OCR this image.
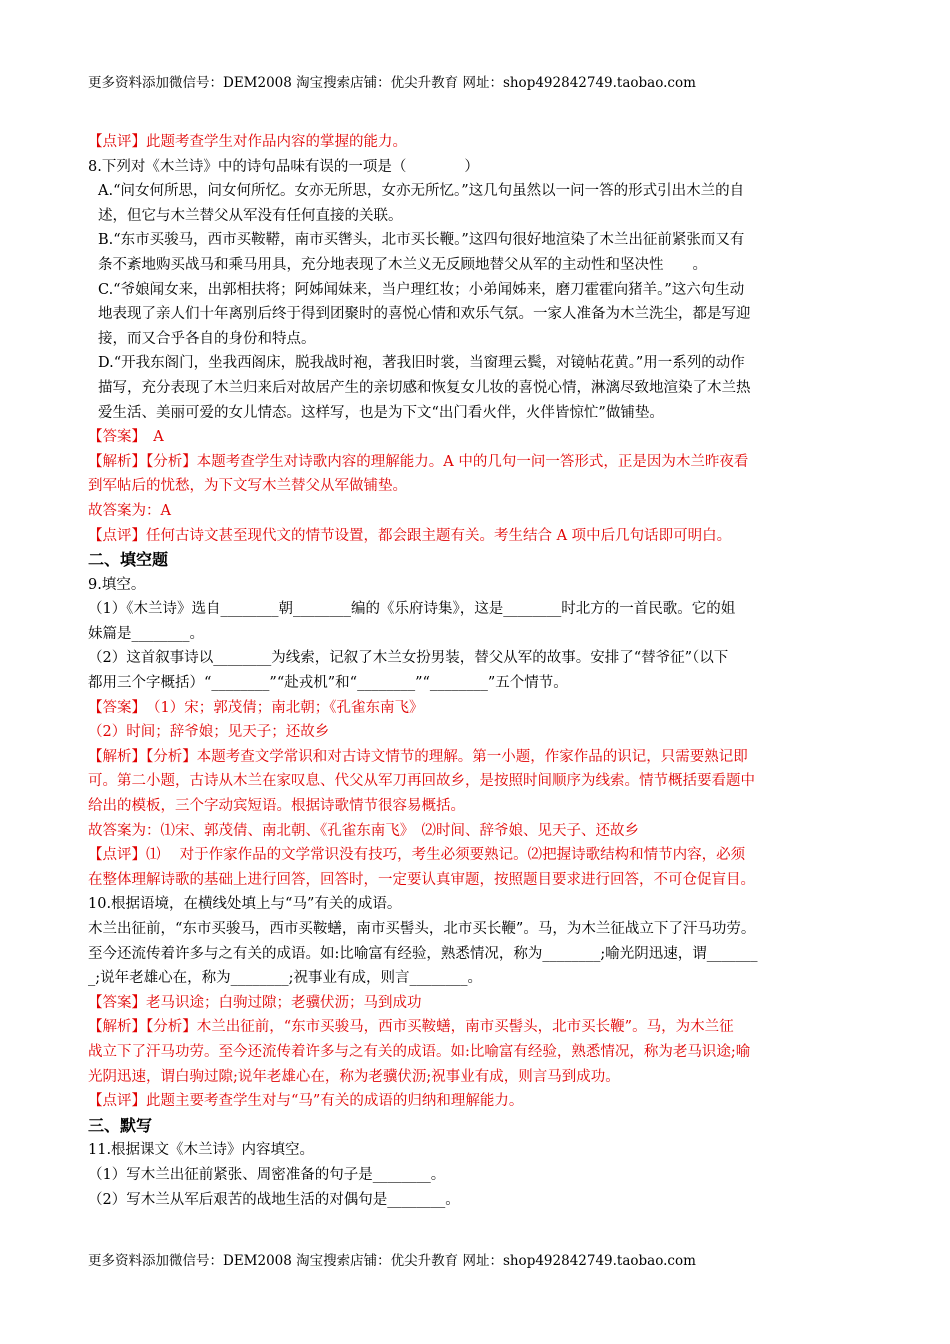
更多资料添加微信号：DEM2008 淘宝搜索店铺：优尖升教育 网址：shop492842749.taobao.com
【点评】此题考查学生对作品内容的掌握的能力。
8.下列对《木兰诗》中的诗句品味有误的一项是（　　　　）
A.“问女何所思，问女何所忆。女亦无所思，女亦无所忆。”这几句虽然以一问一答的形式引出木兰的自
述，但它与木兰替父从军没有任何直接的关联。
B.“东市买骏马，西市买鞍鞯，南市买辔头，北市买长鞭。”这四句很好地渲染了木兰出征前紧张而又有
条不紊地购买战马和乘马用具，充分地表现了木兰义无反顾地替父从军的主动性和坚决性　　。
C.“爷娘闻女来，出郭相扶将；阿姊闻妹来，当户理红妆；小弟闻姊来，磨刀霍霍向猪羊。”这六句生动
地表现了亲人们十年离别后终于得到团聚时的喜悦心情和欢乐气氛。一家人准备为木兰洗尘，都是写迎
接，而又合乎各自的身份和特点。
D.“开我东阁门，坐我西阁床，脱我战时袍，著我旧时裳，当窗理云鬓，对镜帖花黄。”用一系列的动作
描写，充分表现了木兰归来后对故居产生的亲切感和恢复女儿妆的喜悦心情，淋漓尽致地渲染了木兰热
爱生活、美丽可爱的女儿情态。这样写，也是为下文“出门看火伴，火伴皆惊忙”做铺垫。
【答案】　A
【解析】【分析】本题考查学生对诗歌内容的理解能力。A 中的几句一问一答形式，正是因为木兰昨夜看
到军帖后的忧愁，为下文写木兰替父从军做铺垫。
故答案为：A
【点评】任何古诗文甚至现代文的情节设置，都会跟主题有关。考生结合 A 项中后几句话即可明白。
二、填空题
9.填空。
（1）《木兰诗》选自________朝________编的《乐府诗集》，这是________时北方的一首民歌。它的姐
妹篇是________。
（2）这首叙事诗以________为线索，记叙了木兰女扮男装，替父从军的故事。安排了“替爷征”（以下
都用三个字概括）“________”“赴戎机”和“________”“________”五个情节。
【答案】　（1）宋；郭茂倩；南北朝；《孔雀东南飞》
（2）时间；辞爷娘；见天子；还故乡
【解析】【分析】本题考查文学常识和对古诗文情节的理解。第一小题，作家作品的识记，只需要熟记即
可。第二小题，古诗从木兰在家叹息、代父从军刀再回故乡，是按照时间顺序为线索。情节概括要看题中
给出的模板，三个字动宾短语。根据诗歌情节很容易概括。
故答案为：⑴宋、郭茂倩、南北朝、《孔雀东南飞》　⑵时间、辞爷娘、见天子、还故乡
【点评】⑴　 对于作家作品的文学常识没有技巧，考生必须要熟记。⑵把握诗歌结构和情节内容，必须
在整体理解诗歌的基础上进行回答，回答时，一定要认真审题，按照题目要求进行回答，不可仓促盲目。
10.根据语境，在横线处填上与“马”有关的成语。
木兰出征前，“东市买骏马，西市买鞍蟮，南市买髻头，北市买长鞭”。马，为木兰征战立下了汗马功劳。
至今还流传着许多与之有关的成语。如:比喻富有经验，熟悉情况，称为________;喻光阴迅速，谓_______
_;说年老雄心在，称为________;祝事业有成，则言________。
【答案】老马识途；白驹过隙；老骥伏沥；马到成功
【解析】【分析】木兰出征前，“东市买骏马，西市买鞍蟮，南市买髻头，北市买长鞭”。马，为木兰征
战立下了汗马功劳。至今还流传着许多与之有关的成语。如:比喻富有经验，熟悉情况，称为老马识途;喻
光阴迅速，谓白驹过隙;说年老雄心在，称为老骥伏沥;祝事业有成，则言马到成功。
【点评】此题主要考查学生对与“马”有关的成语的归纳和理解能力。
三、默写
11.根据课文《木兰诗》内容填空。
（1）写木兰出征前紧张、周密准备的句子是________。
（2）写木兰从军后艰苦的战地生活的对偶句是________。
更多资料添加微信号：DEM2008 淘宝搜索店铺：优尖升教育 网址：shop492842749.taobao.com
